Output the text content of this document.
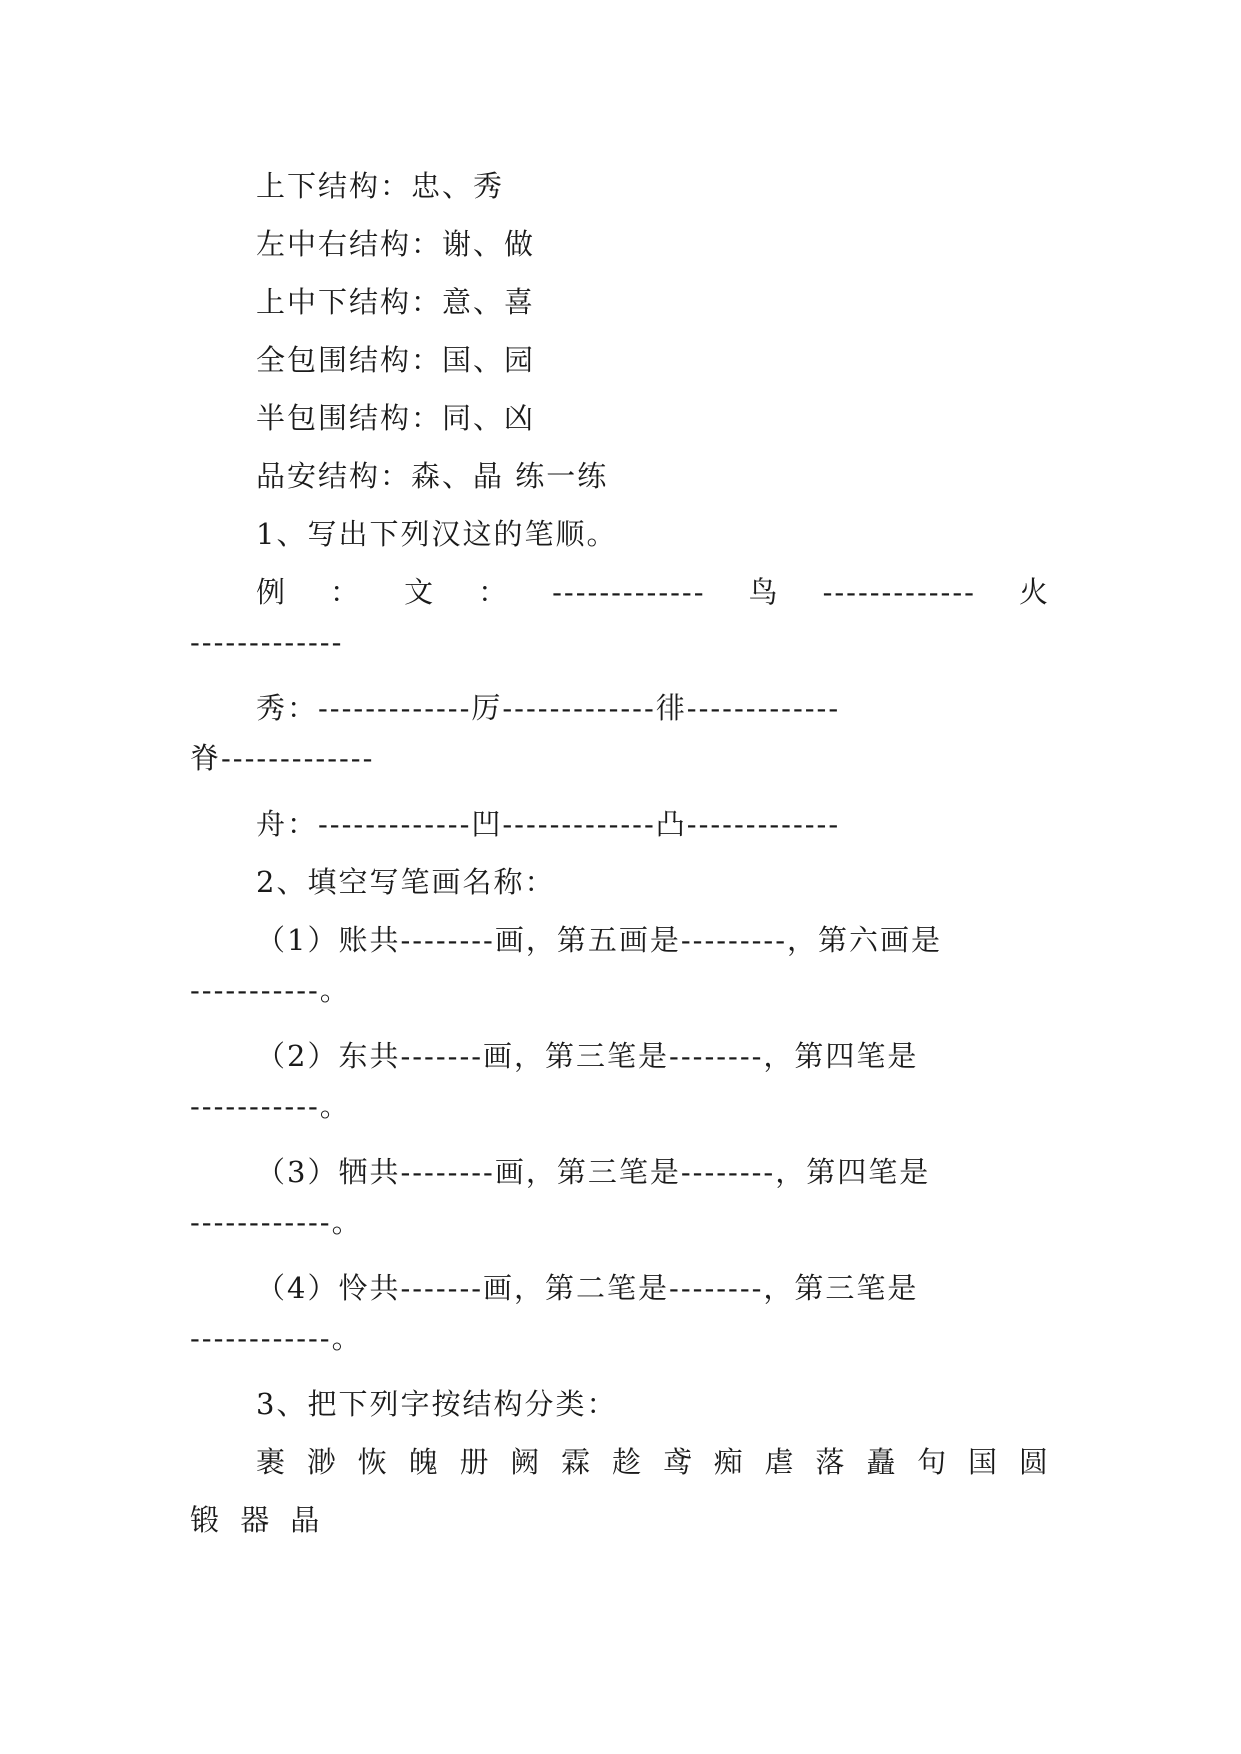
上下结构：忠、秀
左中右结构：谢、做
上中下结构：意、喜
全包围结构：国、园
半包围结构：同、凶
品安结构：森、晶 练一练
1、写出下列汉这的笔顺。
例 ： 文 ： ------------- 鸟 ------------- 火
-------------
秀：-------------厉-------------徘-------------
脊-------------
舟：-------------凹-------------凸-------------
2、填空写笔画名称：
（1）账共--------画，第五画是---------，第六画是
-----------。
（2）东共-------画，第三笔是--------，第四笔是
-----------。
（3）牺共--------画，第三笔是--------，第四笔是
------------。
（4）怜共-------画，第二笔是--------，第三笔是
------------。
3、把下列字按结构分类：
裹 渺 恢 魄 册 阙 霖 趁 鸢 痴 虐 落 矗 句 国 圆
锻 器 晶
